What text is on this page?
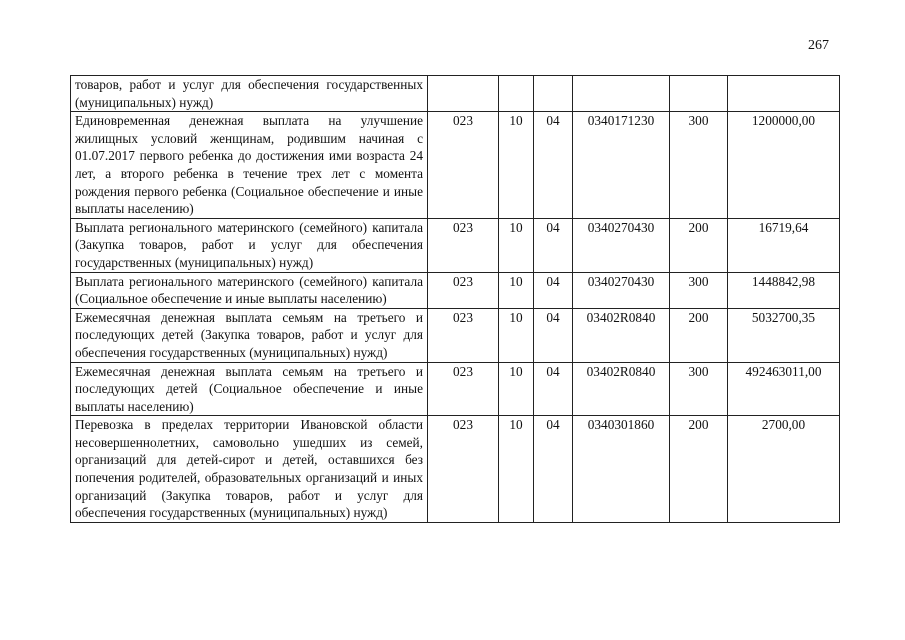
267
товаров, работ и услуг для обеспечения государственных (муниципальных) нужд)						
Единовременная денежная выплата на улучшение жилищных условий женщинам, родившим начиная с 01.07.2017 первого ребенка до достижения ими возраста 24 лет, а второго ребенка в течение трех лет с момента рождения первого ребенка (Социальное обеспечение и иные выплаты населению)	023	10	04	0340171230	300	1200000,00
Выплата регионального материнского (семейного) капитала (Закупка товаров, работ и услуг для обеспечения государственных (муниципальных) нужд)	023	10	04	0340270430	200	16719,64
Выплата регионального материнского (семейного) капитала (Социальное обеспечение и иные выплаты населению)	023	10	04	0340270430	300	1448842,98
Ежемесячная денежная выплата семьям на третьего и последующих детей (Закупка товаров, работ и услуг для обеспечения государственных (муниципальных) нужд)	023	10	04	03402R0840	200	5032700,35
Ежемесячная денежная выплата семьям на третьего и последующих детей (Социальное обеспечение и иные выплаты населению)	023	10	04	03402R0840	300	492463011,00
Перевозка в пределах территории Ивановской области несовершеннолетних, самовольно ушедших из семей, организаций для детей-сирот и детей, оставшихся без попечения родителей, образовательных организаций и иных организаций (Закупка товаров, работ и услуг для обеспечения государственных (муниципальных) нужд)	023	10	04	0340301860	200	2700,00
